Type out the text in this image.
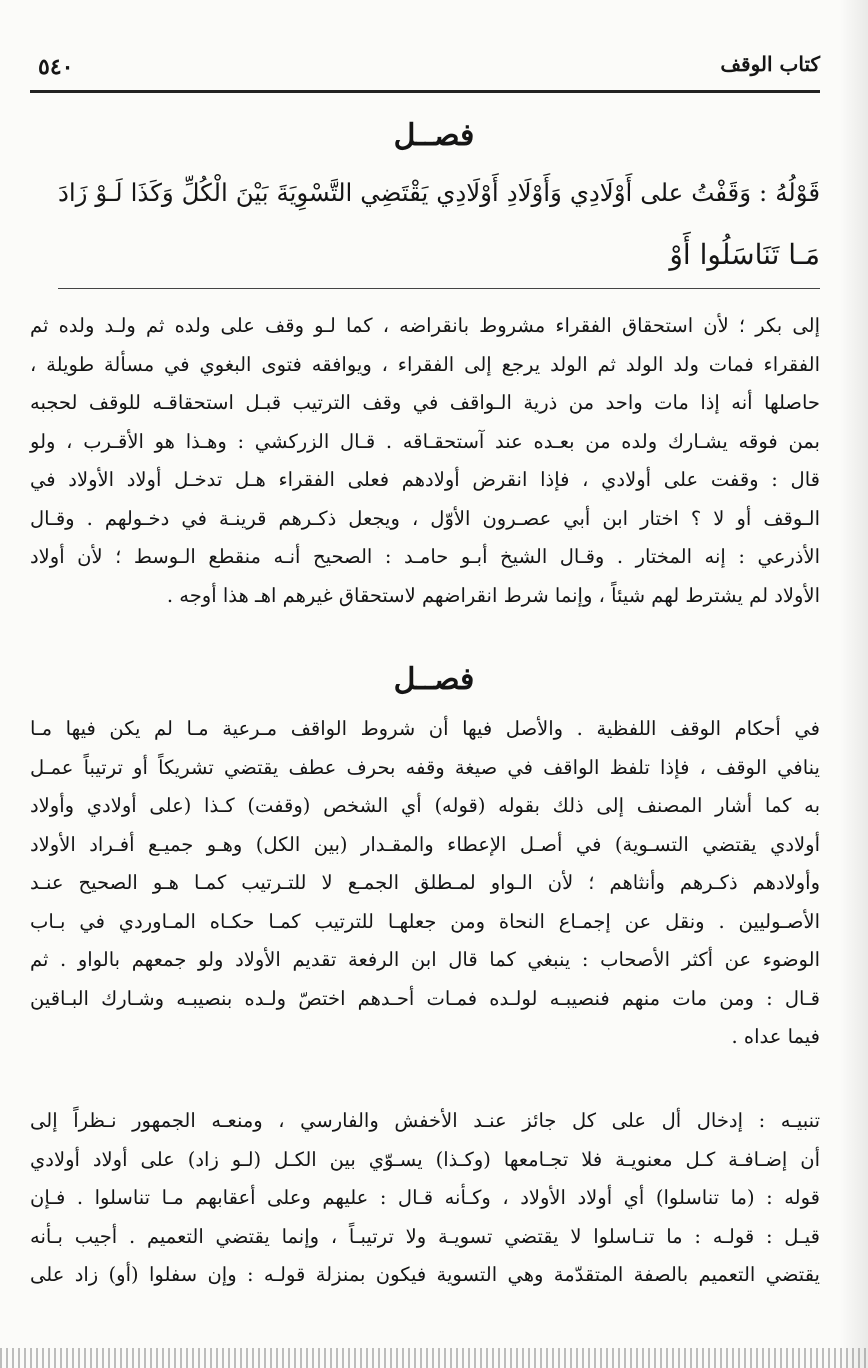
كتاب الوقف
٥٤٠
فصــل
قَوْلُهُ : وَقَفْتُ على أَوْلَادِي وَأَوْلَادِ أَوْلَادِي يَقْتَضِي التَّسْوِيَةَ بَيْنَ الْكُلِّ وَكَذَا لَـوْ زَادَ
مَـا تَنَاسَلُوا أَوْ
إلى بكر ؛ لأن استحقاق الفقراء مشروط بانقراضه ، كما لـو وقف على ولده ثم ولـد ولده ثم
الفقراء فمات ولد الولد ثم الولد يرجع إلى الفقراء ، ويوافقه فتوى البغوي في مسألة طويلة ،
حاصلها أنه إذا مات واحد من ذرية الـواقف في وقف الترتيب قبـل استحقاقـه للوقف لحجبه
بمن فوقه يشـارك ولده من بعـده عند آستحقـاقه . قـال الزركشي : وهـذا هو الأقـرب ، ولو
قال : وقفت على أولادي ، فإذا انقرض أولادهم فعلى الفقراء هـل تدخـل أولاد الأولاد في
الـوقف أو لا ؟ اختار ابن أبي عصـرون الأوّل ، ويجعل ذكـرهم قرينـة في دخـولهم . وقـال
الأذرعي : إنه المختار . وقـال الشيخ أبـو حامـد : الصحيح أنـه منقطع الـوسط ؛ لأن أولاد
الأولاد لم يشترط لهم شيئاً ، وإنما شرط انقراضهم لاستحقاق غيرهم اهـ هذا أوجه .
فصــل
في أحكام الوقف اللفظية . والأصل فيها أن شروط الواقف مـرعية مـا لم يكن فيها مـا
ينافي الوقف ، فإذا تلفظ الواقف في صيغة وقفه بحرف عطف يقتضي تشريكاً أو ترتيباً عمـل
به كما أشار المصنف إلى ذلك بقوله (قوله) أي الشخص (وقفت) كـذا (على أولادي وأولاد
أولادي يقتضي التسـوية) في أصـل الإعطاء والمقـدار (بين الكل) وهـو جميـع أفـراد الأولاد
وأولادهم ذكـرهم وأنثاهم ؛ لأن الـواو لمـطلق الجمـع لا للتـرتيب كمـا هـو الصحيح عنـد
الأصـوليين . ونقل عن إجمـاع النحاة ومن جعلهـا للترتيب كمـا حكـاه المـاوردي في بـاب
الوضوء عن أكثر الأصحاب : ينبغي كما قال ابن الرفعة تقديم الأولاد ولو جمعهم بالواو . ثم
قـال : ومن مات منهم فنصيبـه لولـده فمـات أحـدهم اختصّ ولـده بنصيبـه وشـارك البـاقين
فيما عداه .
تنبيـه : إدخال أل على كل جائز عنـد الأخفش والفارسي ، ومنعـه الجمهور نـظراً إلى
أن إضـافـة كـل معنويـة فلا تجـامعها (وكـذا) يسـوّي بين الكـل (لـو زاد) على أولاد أولادي
قوله : (ما تناسلوا) أي أولاد الأولاد ، وكـأنه قـال : عليهم وعلى أعقابهم مـا تناسلوا . فـإن
قيـل : قولـه : ما تنـاسلوا لا يقتضي تسويـة ولا ترتيبـاً ، وإنما يقتضي التعميم . أجيب بـأنه
يقتضي التعميم بالصفة المتقدّمة وهي التسوية فيكون بمنزلة قولـه : وإن سفلوا (أو) زاد على
